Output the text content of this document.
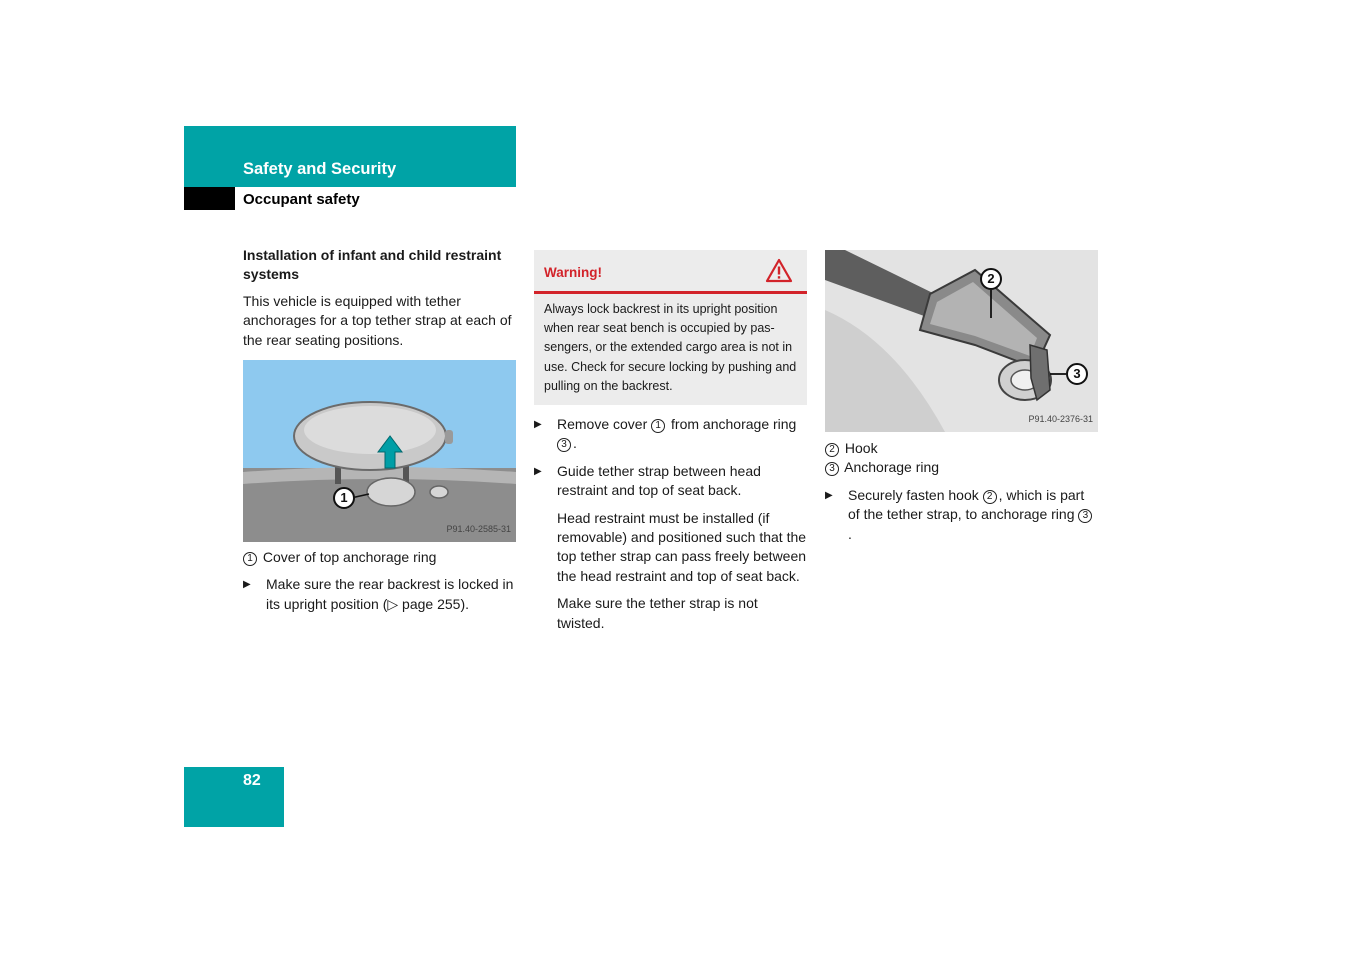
Safety and Security
Occupant safety
Installation of infant and child restraint systems
This vehicle is equipped with tether anchorages for a top tether strap at each of the rear seating positions.
1
P91.40-2585-31
1 Cover of top anchorage ring
▶ Make sure the rear backrest is locked in its upright position (▷ page 255).
Warning!
Always lock backrest in its upright position when rear seat bench is occupied by pas-sengers, or the extended cargo area is not in use. Check for secure locking by pushing and pulling on the backrest.
▶ Remove cover 1 from anchorage ring 3 .
▶ Guide tether strap between head restraint and top of seat back.
Head restraint must be installed (if removable) and positioned such that the top tether strap can pass freely between the head restraint and top of seat back.
Make sure the tether strap is not twisted.
2
3
P91.40-2376-31
2 Hook
3 Anchorage ring
▶ Securely fasten hook 2 , which is part of the tether strap, to anchorage ring 3.
82
